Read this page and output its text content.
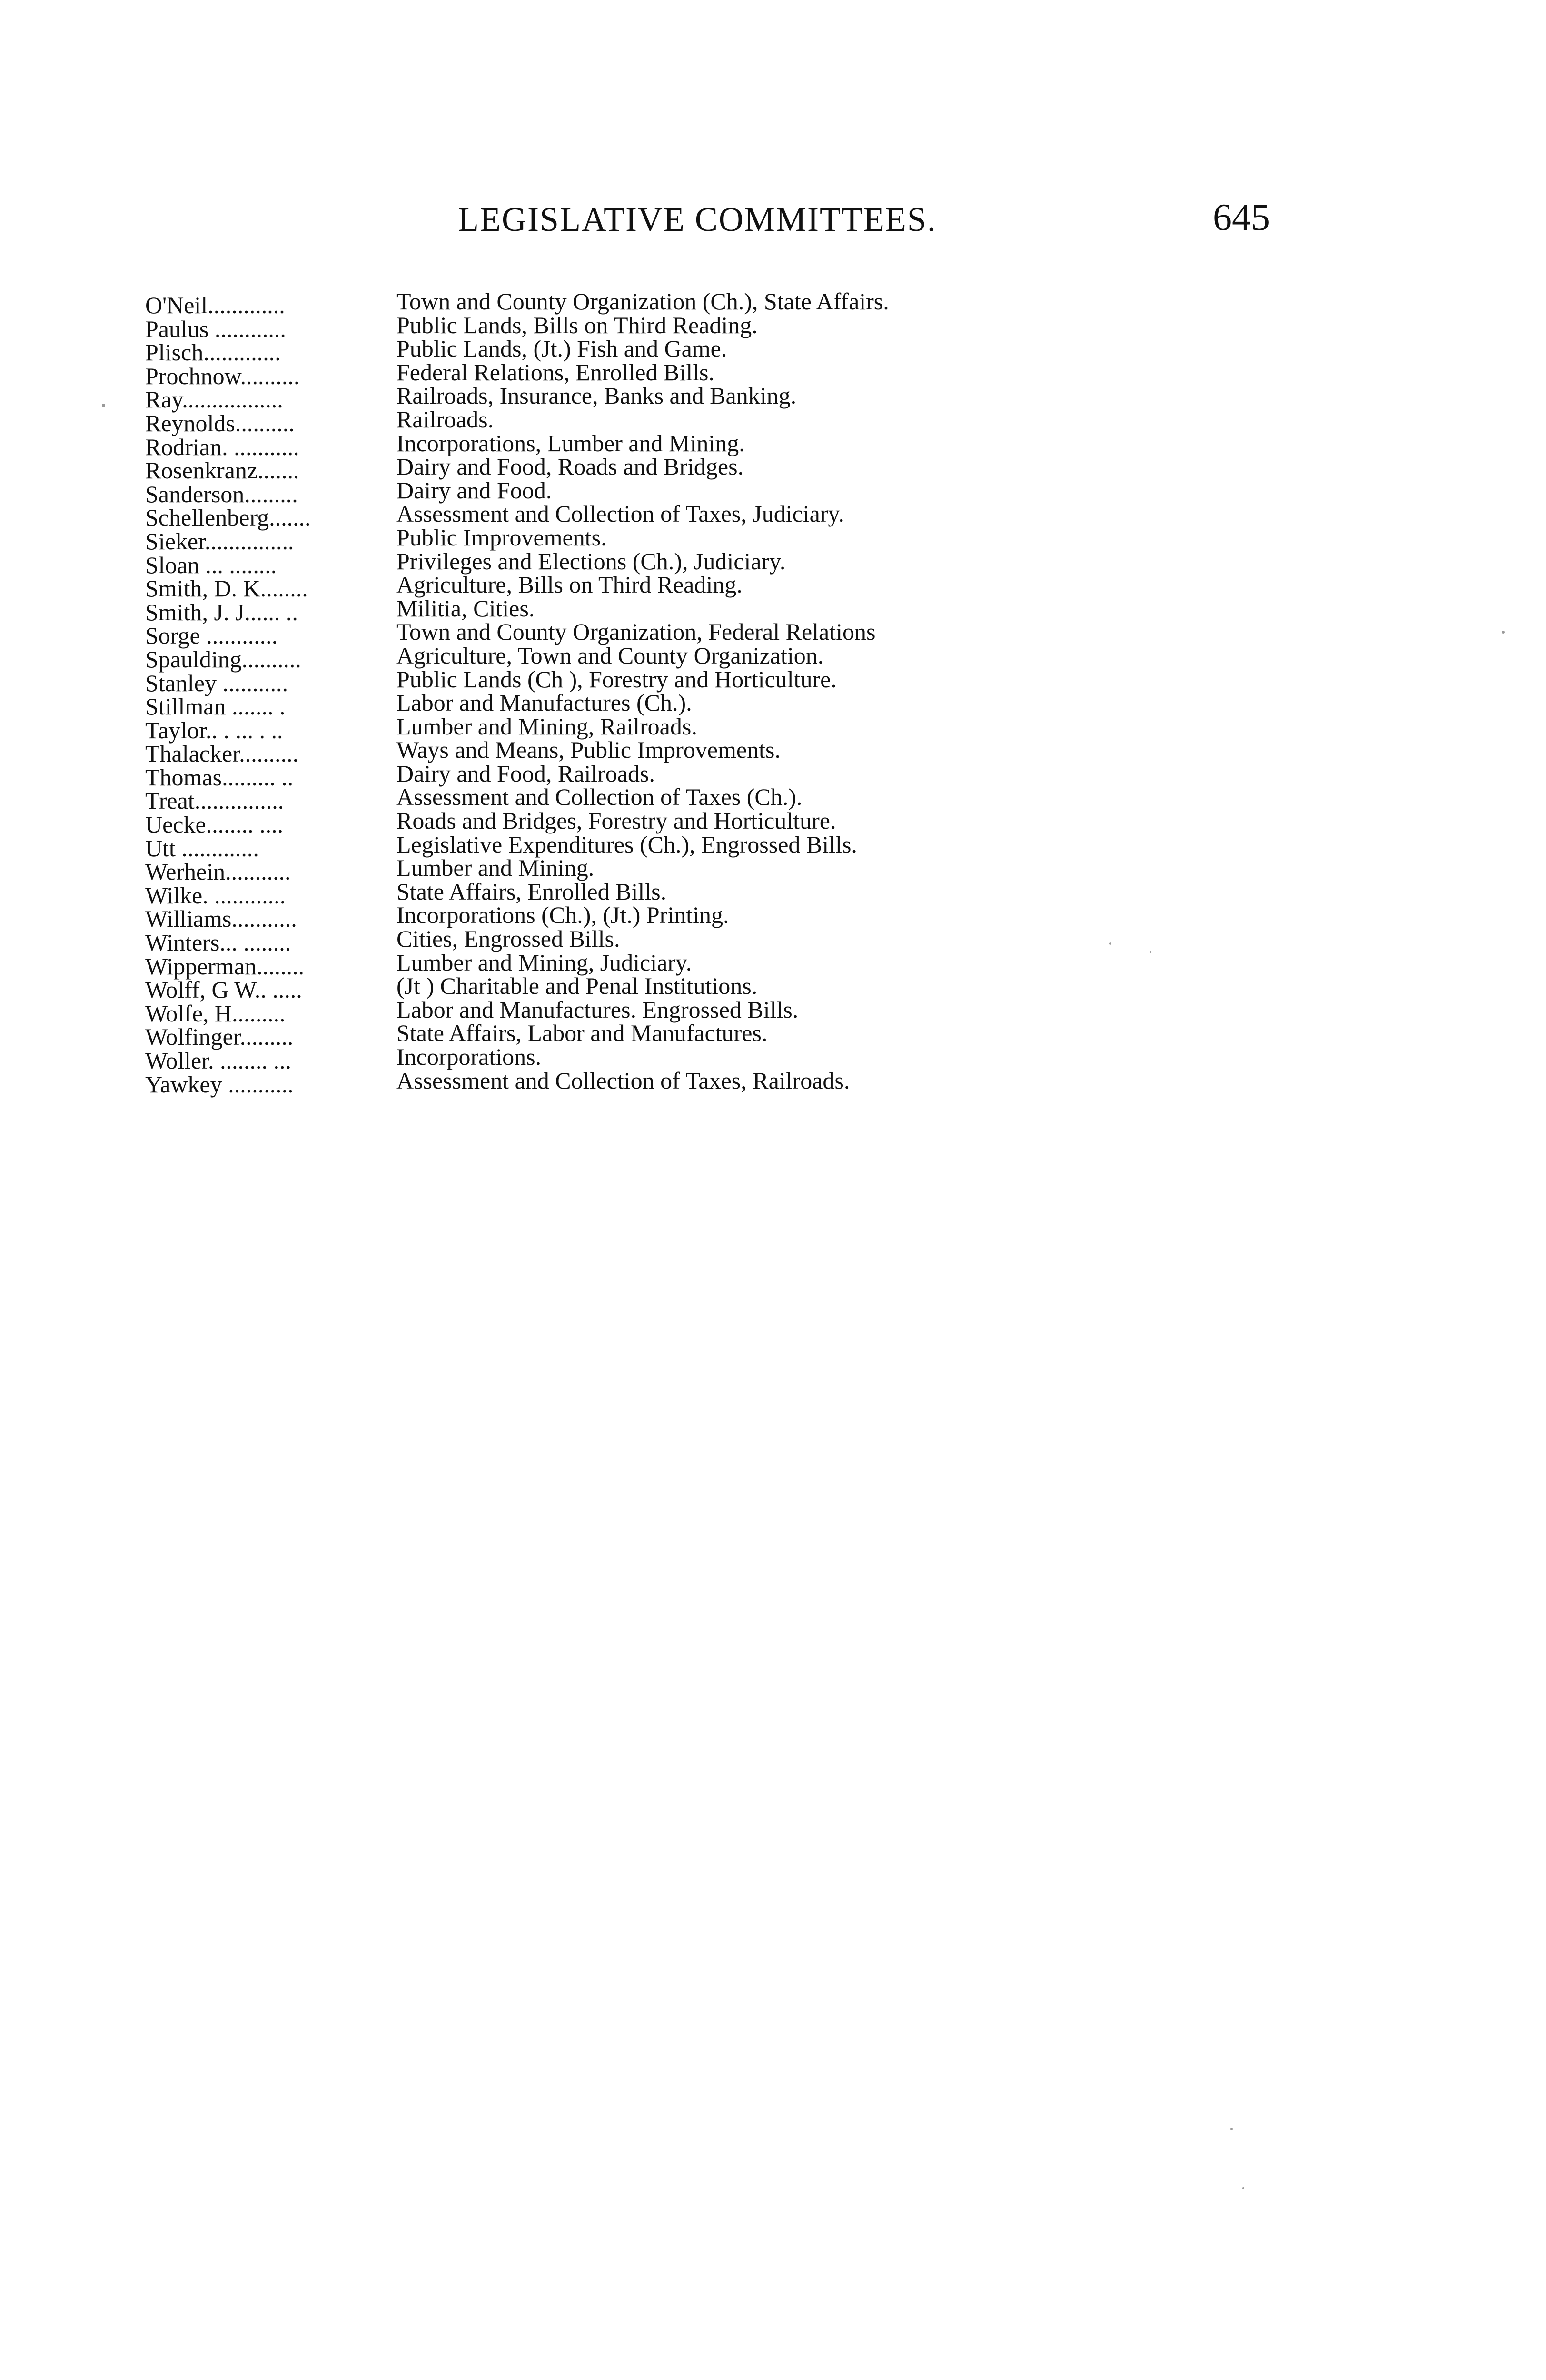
LEGISLATIVE COMMITTEES.	645
O'Neil.............	Town and County Organization (Ch.), State Affairs.
Paulus ............	Public Lands, Bills on Third Reading.
Plisch.............	Public Lands, (Jt.) Fish and Game.
Prochnow..........	Federal Relations, Enrolled Bills.
Ray.................	Railroads, Insurance, Banks and Banking.
Reynolds..........	Railroads.
Rodrian. ...........	Incorporations, Lumber and Mining.
Rosenkranz.......	Dairy and Food, Roads and Bridges.
Sanderson.........	Dairy and Food.
Schellenberg.......	Assessment and Collection of Taxes, Judiciary.
Sieker...............	Public Improvements.
Sloan ... ........	Privileges and Elections (Ch.), Judiciary.
Smith, D. K........	Agriculture, Bills on Third Reading.
Smith, J. J...... ..	Militia, Cities.
Sorge ............	Town and County Organization, Federal Relations
Spaulding..........	Agriculture, Town and County Organization.
Stanley ...........	Public Lands (Ch ), Forestry and Horticulture.
Stillman ....... .	Labor and Manufactures (Ch.).
Taylor.. . ... . ..	Lumber and Mining, Railroads.
Thalacker..........	Ways and Means, Public Improvements.
Thomas......... ..	Dairy and Food, Railroads.
Treat...............	Assessment and Collection of Taxes (Ch.).
Uecke........ ....	Roads and Bridges, Forestry and Horticulture.
Utt .............	Legislative Expenditures (Ch.), Engrossed Bills.
Werhein...........	Lumber and Mining.
Wilke. ............	State Affairs, Enrolled Bills.
Williams...........	Incorporations (Ch.), (Jt.) Printing.
Winters... ........	Cities, Engrossed Bills.
Wipperman........	Lumber and Mining, Judiciary.
Wolff, G W.. .....	(Jt ) Charitable and Penal Institutions.
Wolfe, H.........	Labor and Manufactures. Engrossed Bills.
Wolfinger.........	State Affairs, Labor and Manufactures.
Woller. ........ ...	Incorporations.
Yawkey ...........	Assessment and Collection of Taxes, Railroads.
